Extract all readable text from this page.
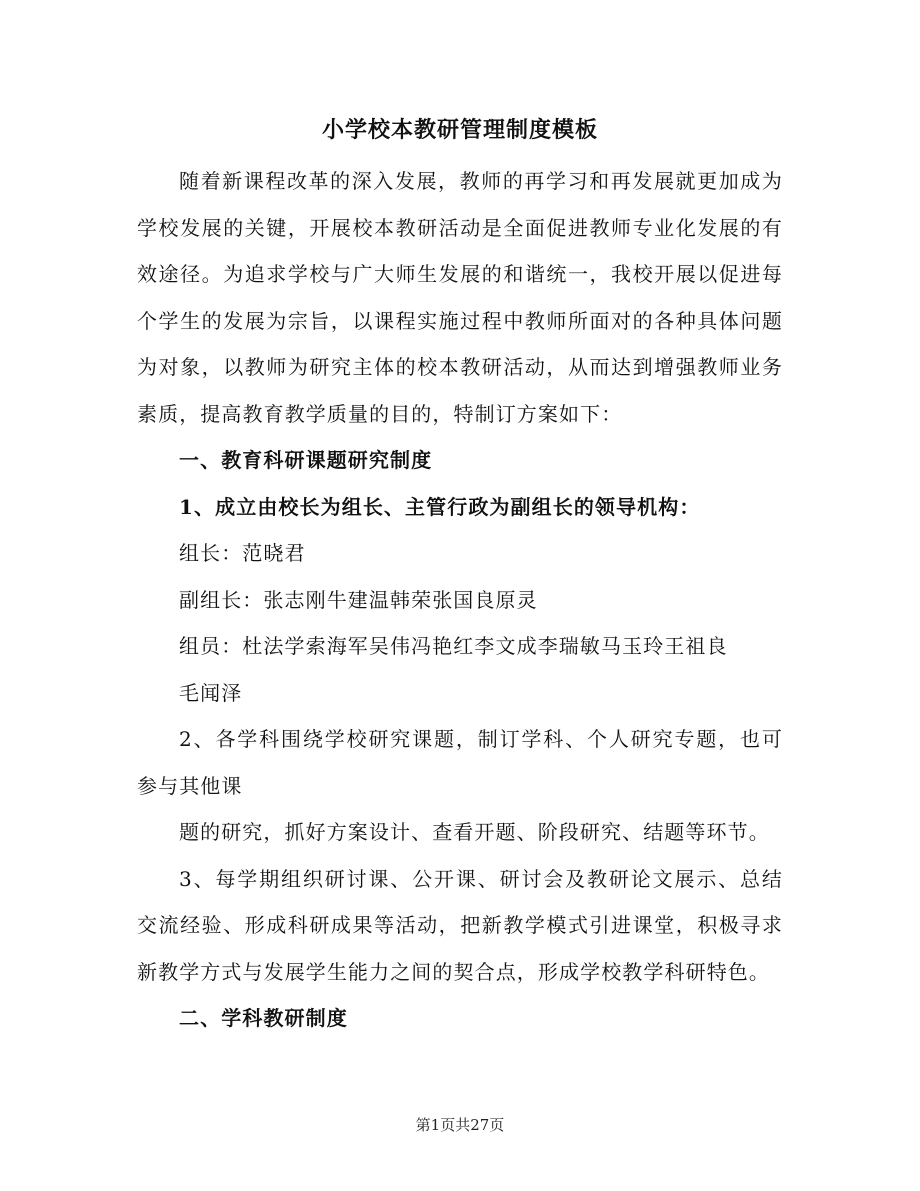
小学校本教研管理制度模板

随着新课程改革的深入发展，教师的再学习和再发展就更加成为学校发展的关键，开展校本教研活动是全面促进教师专业化发展的有效途径。为追求学校与广大师生发展的和谐统一，我校开展以促进每个学生的发展为宗旨，以课程实施过程中教师所面对的各种具体问题为对象，以教师为研究主体的校本教研活动，从而达到增强教师业务素质，提高教育教学质量的目的，特制订方案如下：

一、教育科研课题研究制度

1、成立由校长为组长、主管行政为副组长的领导机构：

组长：范晓君

副组长：张志刚牛建温韩荣张国良原灵

组员：杜法学索海军吴伟冯艳红李文成李瑞敏马玉玲王祖良

毛闻泽

2、各学科围绕学校研究课题，制订学科、个人研究专题，也可参与其他课

题的研究，抓好方案设计、查看开题、阶段研究、结题等环节。

3、每学期组织研讨课、公开课、研讨会及教研论文展示、总结交流经验、形成科研成果等活动，把新教学模式引进课堂，积极寻求新教学方式与发展学生能力之间的契合点，形成学校教学科研特色。

二、学科教研制度

第1页共27页
